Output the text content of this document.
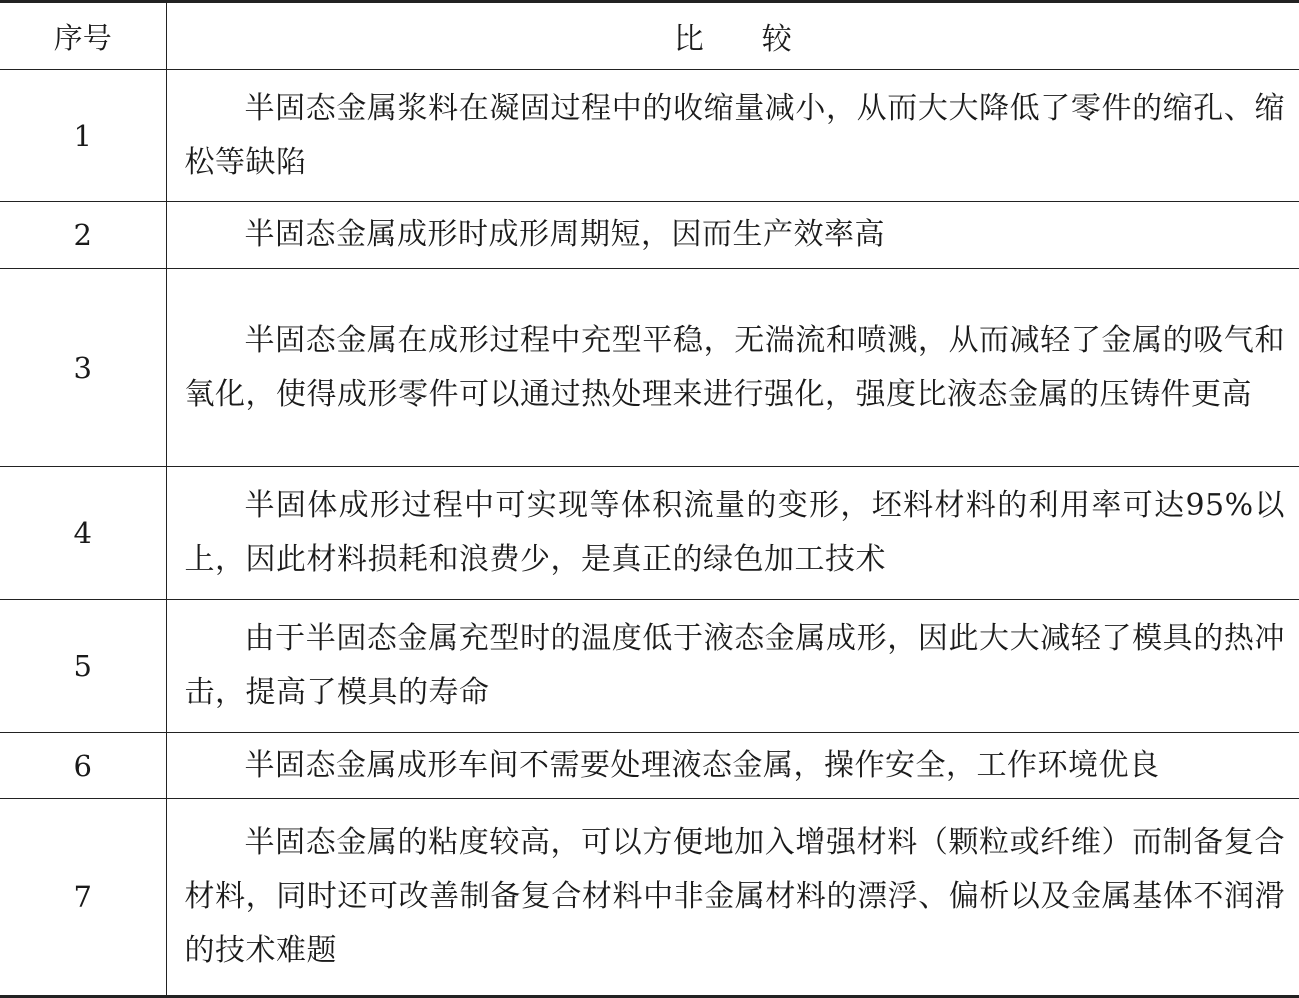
序号	比较
1	半固态金属浆料在凝固过程中的收缩量减小，从而大大降低了零件的缩孔、缩松等缺陷
2	半固态金属成形时成形周期短，因而生产效率高
3	半固态金属在成形过程中充型平稳，无湍流和喷溅，从而减轻了金属的吸气和氧化，使得成形零件可以通过热处理来进行强化，强度比液态金属的压铸件更高
4	半固体成形过程中可实现等体积流量的变形，坯料材料的利用率可达95%以上，因此材料损耗和浪费少，是真正的绿色加工技术
5	由于半固态金属充型时的温度低于液态金属成形，因此大大减轻了模具的热冲击，提高了模具的寿命
6	半固态金属成形车间不需要处理液态金属，操作安全，工作环境优良
7	半固态金属的粘度较高，可以方便地加入增强材料（颗粒或纤维）而制备复合材料，同时还可改善制备复合材料中非金属材料的漂浮、偏析以及金属基体不润滑的技术难题
